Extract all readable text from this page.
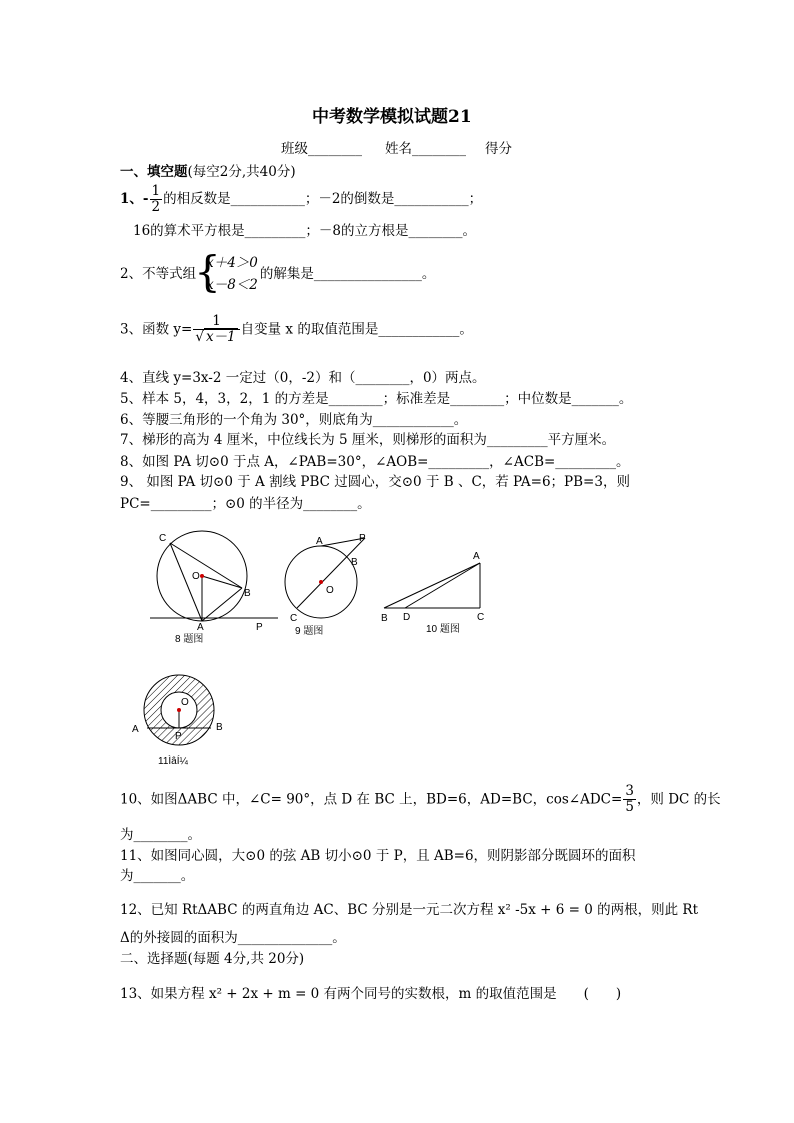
中考数学模拟试题21
班级________ 姓名________ 得分
一、填空题(每空2分,共40分)
1、- $\frac{1}{2}$ 的相反数是___________；－2的倒数是___________；
16的算术平方根是_________；－8的立方根是________。
2、不等式组
{
x＋4＞0
x－8＜2
的解集是________________。
3、函数 $y= \frac{1}{√ x-1}$ 自变量 x 的取值范围是____________。
4、直线 y=3x-2 一定过（0，-2）和（________，0）两点。
5、样本 5，4，3，2，1 的方差是________；标准差是________；中位数是_______。
6、等腰三角形的一个角为 30°，则底角为____________。
7、梯形的高为 4 厘米，中位线长为 5 厘米，则梯形的面积为_________平方厘米。
8、如图 PA 切⊙0 于点 A，∠PAB=30°，∠AOB=_________，∠ACB=_________。
9、 如图 PA 切⊙0 于 A 割线 PBC 过圆心，交⊙0 于 B 、C，若 PA=6；PB=3，则
PC=_________；⊙0 的半径为________。
C
O
B
A	P
8 题图
A	P
B
O
C
9 题图
A
B D	C
10 题图
O
A
P
B
11ÌâÍ¼
10、如图ΔABC 中，∠C= 90°，点 D 在 BC 上，BD=6，AD=BC，cos∠ADC= $\frac{3}{5}$ ，则 DC 的长
为________。
11、如图同心圆，大⊙0 的弦 AB 切小⊙0 于 P，且 AB=6，则阴影部分既圆环的面积
为_______。
12、已知 RtΔABC 的两直角边 AC、BC 分别是一元二次方程 x² -5x + 6 = 0 的两根，则此 Rt
Δ的外接圆的面积为______________。
二、选择题(每题 4分,共 20分)
13、如果方程 x² + 2x + m = 0 有两个同号的实数根，m 的取值范围是　　(　　)
